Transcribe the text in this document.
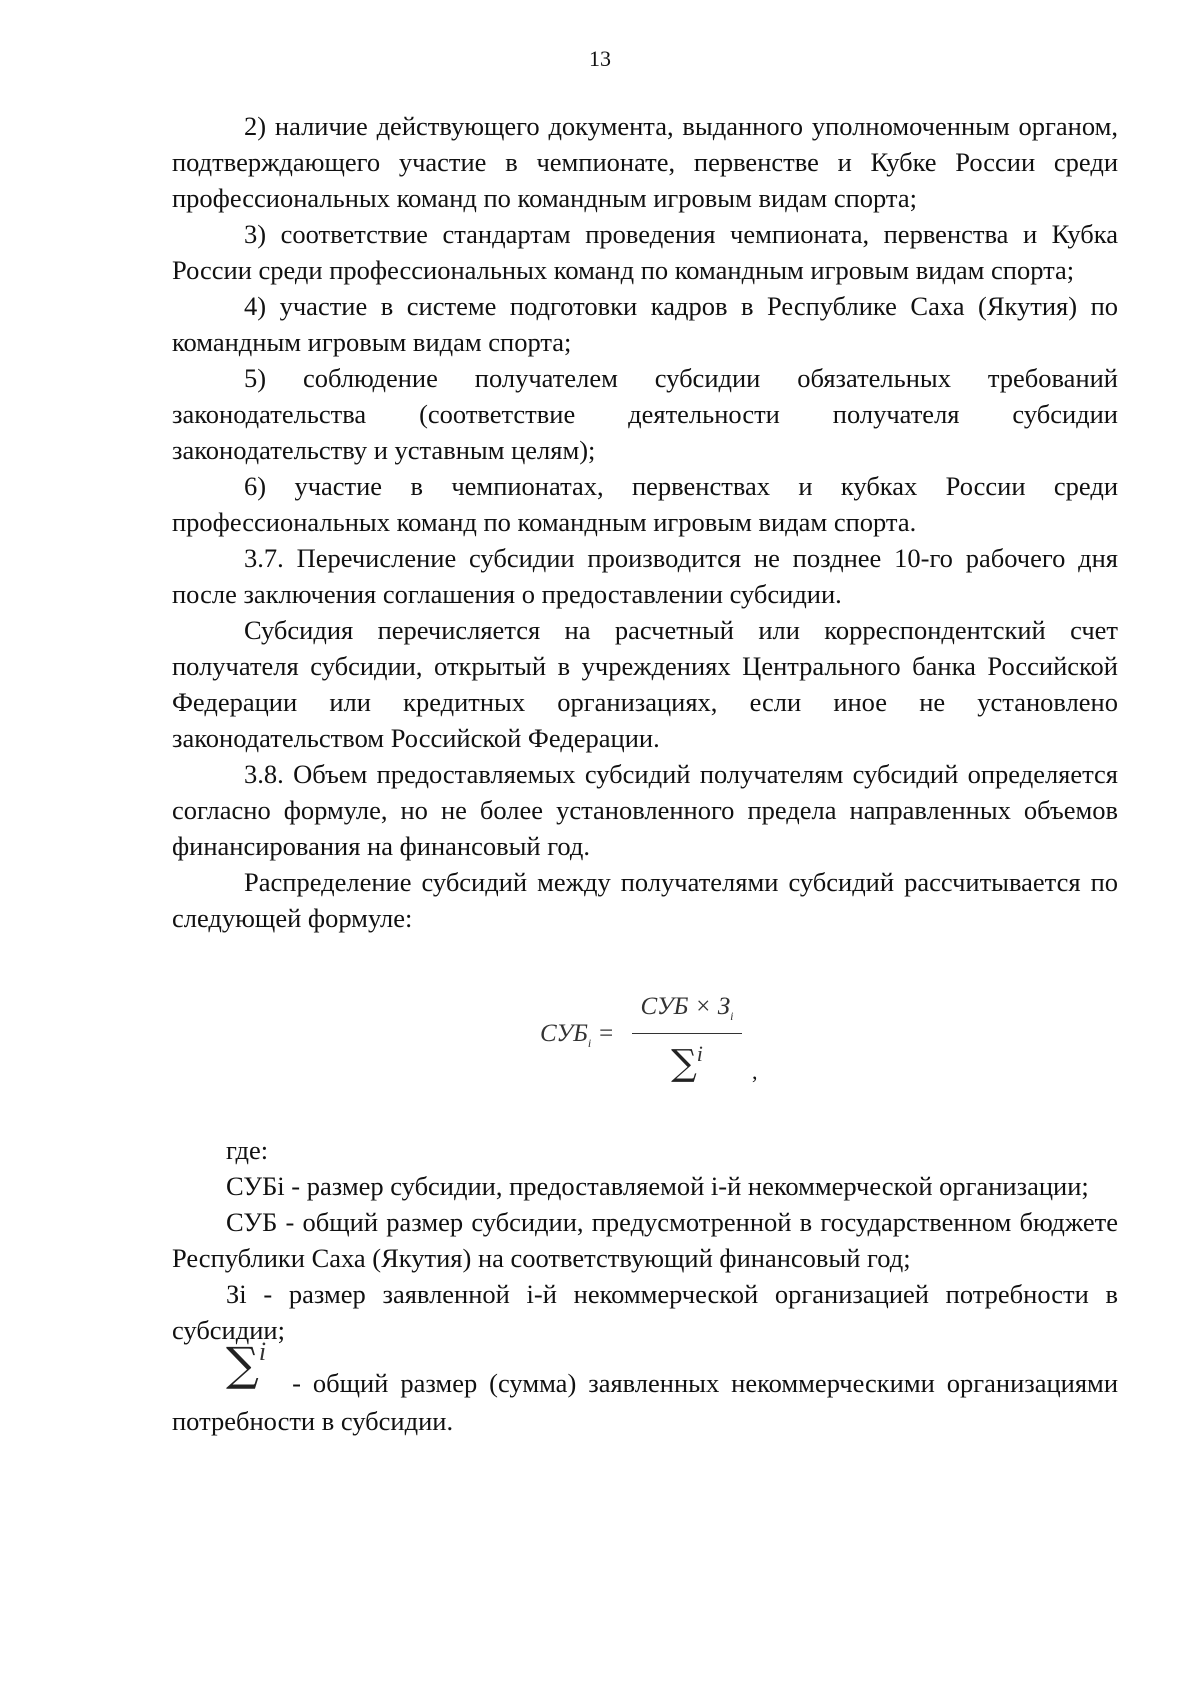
13

2) наличие действующего документа, выданного уполномоченным органом, подтверждающего участие в чемпионате, первенстве и Кубке России среди профессиональных команд по командным игровым видам спорта;

3) соответствие стандартам проведения чемпионата, первенства и Кубка России среди профессиональных команд по командным игровым видам спорта;

4) участие в системе подготовки кадров в Республике Саха (Якутия) по командным игровым видам спорта;

5) соблюдение получателем субсидии обязательных требований законодательства (соответствие деятельности получателя субсидии законодательству и уставным целям);

6) участие в чемпионатах, первенствах и кубках России среди профессиональных команд по командным игровым видам спорта.

3.7. Перечисление субсидии производится не позднее 10-го рабочего дня после заключения соглашения о предоставлении субсидии.

Субсидия перечисляется на расчетный или корреспондентский счет получателя субсидии, открытый в учреждениях Центрального банка Российской Федерации или кредитных организациях, если иное не установлено законодательством Российской Федерации.

3.8. Объем предоставляемых субсидий получателям субсидий определяется согласно формуле, но не более установленного предела направленных объемов финансирования на финансовый год.

Распределение субсидий между получателями субсидий рассчитывается по следующей формуле:

$СУБ_i$ =
СУБ × $З_i$
∑$^i$
,

где:

СУБi - размер субсидии, предоставляемой i-й некоммерческой организации;

СУБ - общий размер субсидии, предусмотренной в государственном бюджете Республики Саха (Якутия) на соответствующий финансовый год;

Зi - размер заявленной i-й некоммерческой организацией потребности в субсидии;

∑i- общий размер (сумма) заявленных некоммерческими организациями потребности в субсидии.
